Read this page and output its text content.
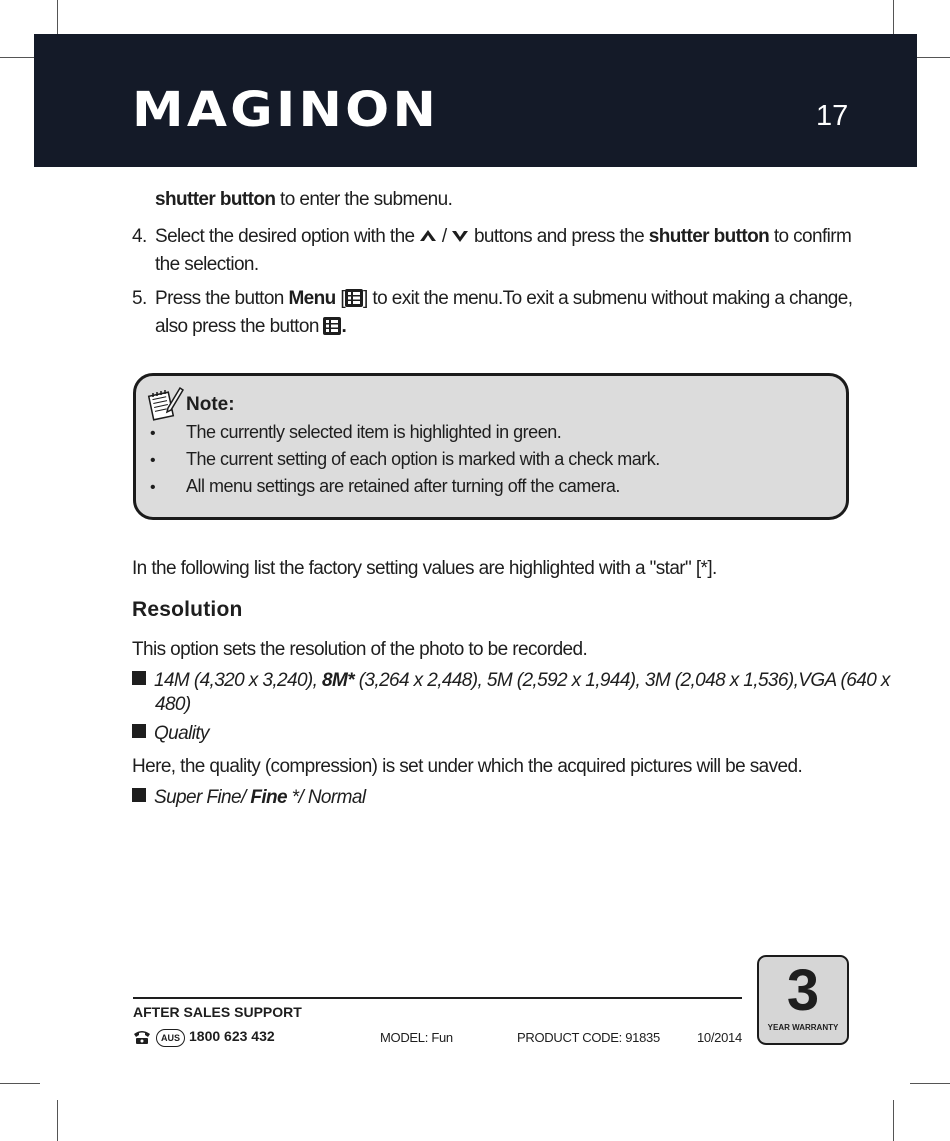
MAGINON	17
shutter button to enter the submenu.
4. Select the desired option with the / buttons and press the shutter button to confirm
the selection.
5. Press the button Menu [ ] to exit the menu.To exit a submenu without making a change,
also press the button .
Note:
• The currently selected item is highlighted in green.
• The current setting of each option is marked with a check mark.
• All menu settings are retained after turning off the camera.
In the following list the factory setting values are highlighted with a "star" [*].
Resolution
This option sets the resolution of the photo to be recorded.
14M (4,320 x 3,240), 8M* (3,264 x 2,448), 5M (2,592 x 1,944), 3M (2,048 x 1,536),VGA (640 x
480)
Quality
Here, the quality (compression) is set under which the acquired pictures will be saved.
Super Fine/ Fine */ Normal
AFTER SALES SUPPORT
AUS 1800 623 432	MODEL: Fun	PRODUCT CODE: 91835	10/2014
3
YEAR WARRANTY
